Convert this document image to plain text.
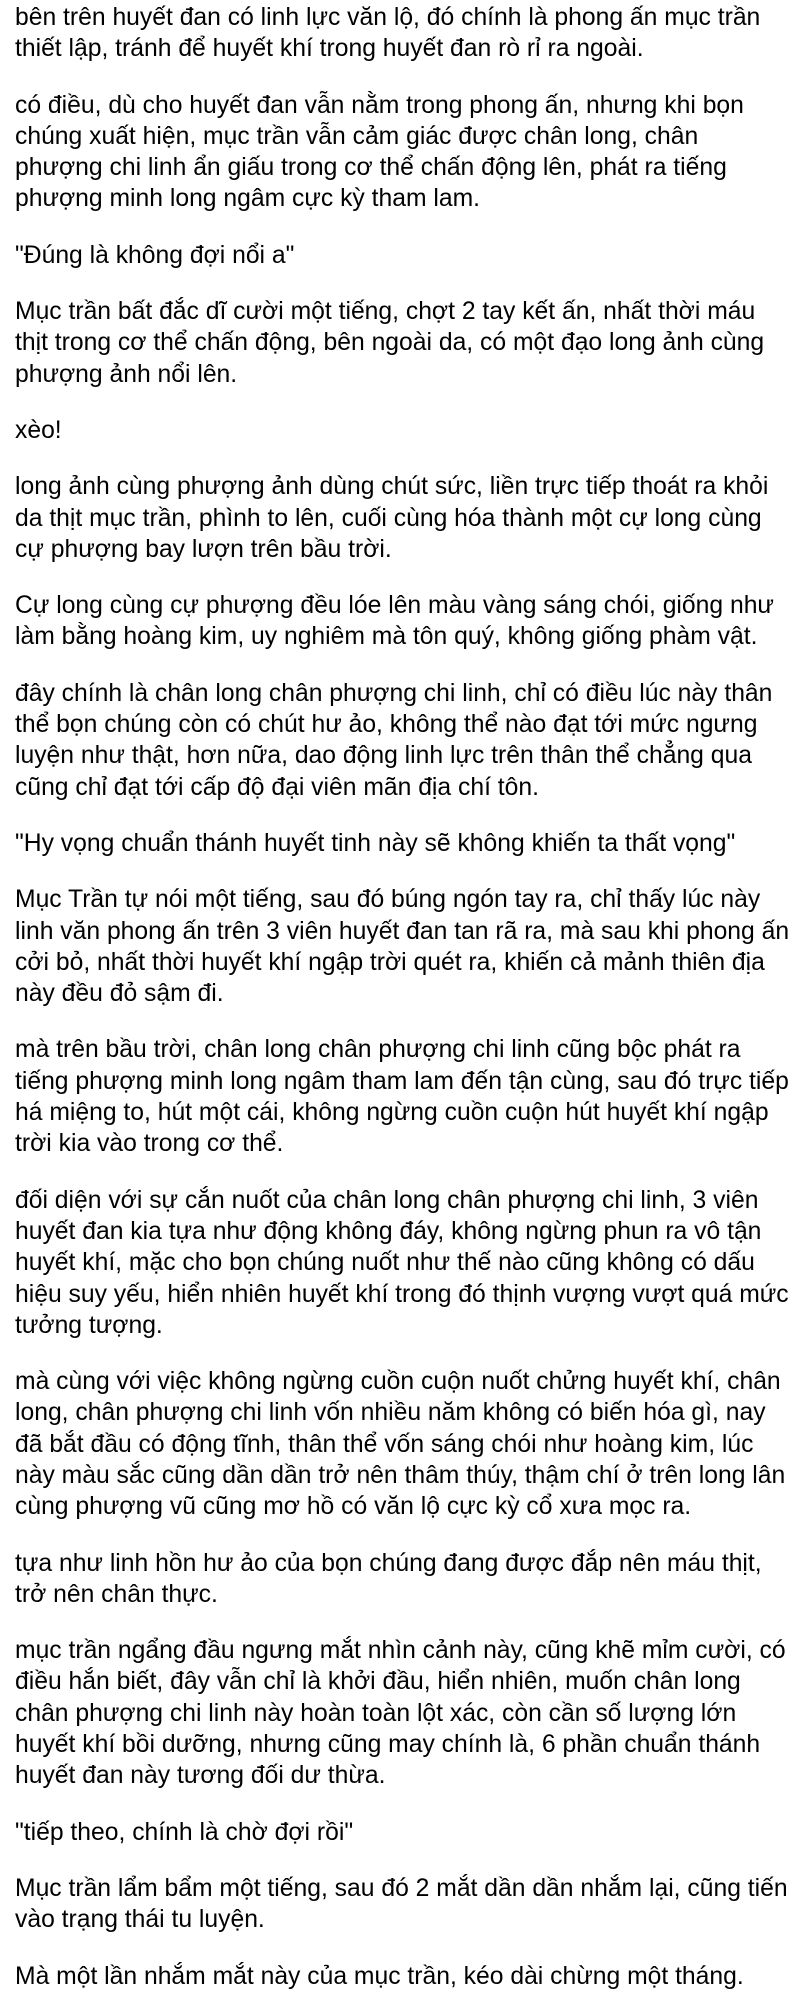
bên trên huyết đan có linh lực văn lộ, đó chính là phong ấn mục trần thiết lập, tránh để huyết khí trong huyết đan rò rỉ ra ngoài.

có điều, dù cho huyết đan vẫn nằm trong phong ấn, nhưng khi bọn chúng xuất hiện, mục trần vẫn cảm giác được chân long, chân phượng chi linh ẩn giấu trong cơ thể chấn động lên, phát ra tiếng phượng minh long ngâm cực kỳ tham lam.

"Đúng là không đợi nổi a"

Mục trần bất đắc dĩ cười một tiếng, chợt 2 tay kết ấn, nhất thời máu thịt trong cơ thể chấn động, bên ngoài da, có một đạo long ảnh cùng phượng ảnh nổi lên.

xèo!

long ảnh cùng phượng ảnh dùng chút sức, liền trực tiếp thoát ra khỏi da thịt mục trần, phình to lên, cuối cùng hóa thành một cự long cùng cự phượng bay lượn trên bầu trời.

Cự long cùng cự phượng đều lóe lên màu vàng sáng chói, giống như làm bằng hoàng kim, uy nghiêm mà tôn quý, không giống phàm vật.

đây chính là chân long chân phượng chi linh, chỉ có điều lúc này thân thể bọn chúng còn có chút hư ảo, không thể nào đạt tới mức ngưng luyện như thật, hơn nữa, dao động linh lực trên thân thể chẳng qua cũng chỉ đạt tới cấp độ đại viên mãn địa chí tôn.

"Hy vọng chuẩn thánh huyết tinh này sẽ không khiến ta thất vọng"

Mục Trần tự nói một tiếng, sau đó búng ngón tay ra, chỉ thấy lúc này linh văn phong ấn trên 3 viên huyết đan tan rã ra, mà sau khi phong ấn cởi bỏ, nhất thời huyết khí ngập trời quét ra, khiến cả mảnh thiên địa này đều đỏ sậm đi.

mà trên bầu trời, chân long chân phượng chi linh cũng bộc phát ra tiếng phượng minh long ngâm tham lam đến tận cùng, sau đó trực tiếp há miệng to, hút một cái, không ngừng cuồn cuộn hút huyết khí ngập trời kia vào trong cơ thể.

đối diện với sự cắn nuốt của chân long chân phượng chi linh, 3 viên huyết đan kia tựa như động không đáy, không ngừng phun ra vô tận huyết khí, mặc cho bọn chúng nuốt như thế nào cũng không có dấu hiệu suy yếu, hiển nhiên huyết khí trong đó thịnh vượng vượt quá mức tưởng tượng.

mà cùng với việc không ngừng cuồn cuộn nuốt chửng huyết khí, chân long, chân phượng chi linh vốn nhiều năm không có biến hóa gì, nay đã bắt đầu có động tĩnh, thân thể vốn sáng chói như hoàng kim, lúc này màu sắc cũng dần dần trở nên thâm thúy, thậm chí ở trên long lân cùng phượng vũ cũng mơ hồ có văn lộ cực kỳ cổ xưa mọc ra.

tựa như linh hồn hư ảo của bọn chúng đang được đắp nên máu thịt, trở nên chân thực.

mục trần ngẩng đầu ngưng mắt nhìn cảnh này, cũng khẽ mỉm cười, có điều hắn biết, đây vẫn chỉ là khởi đầu, hiển nhiên, muốn chân long chân phượng chi linh này hoàn toàn lột xác, còn cần số lượng lớn huyết khí bồi dưỡng, nhưng cũng may chính là, 6 phần chuẩn thánh huyết đan này tương đối dư thừa.

"tiếp theo, chính là chờ đợi rồi"

Mục trần lẩm bẩm một tiếng, sau đó 2 mắt dần dần nhắm lại, cũng tiến vào trạng thái tu luyện.

Mà một lần nhắm mắt này của mục trần, kéo dài chừng một tháng.
